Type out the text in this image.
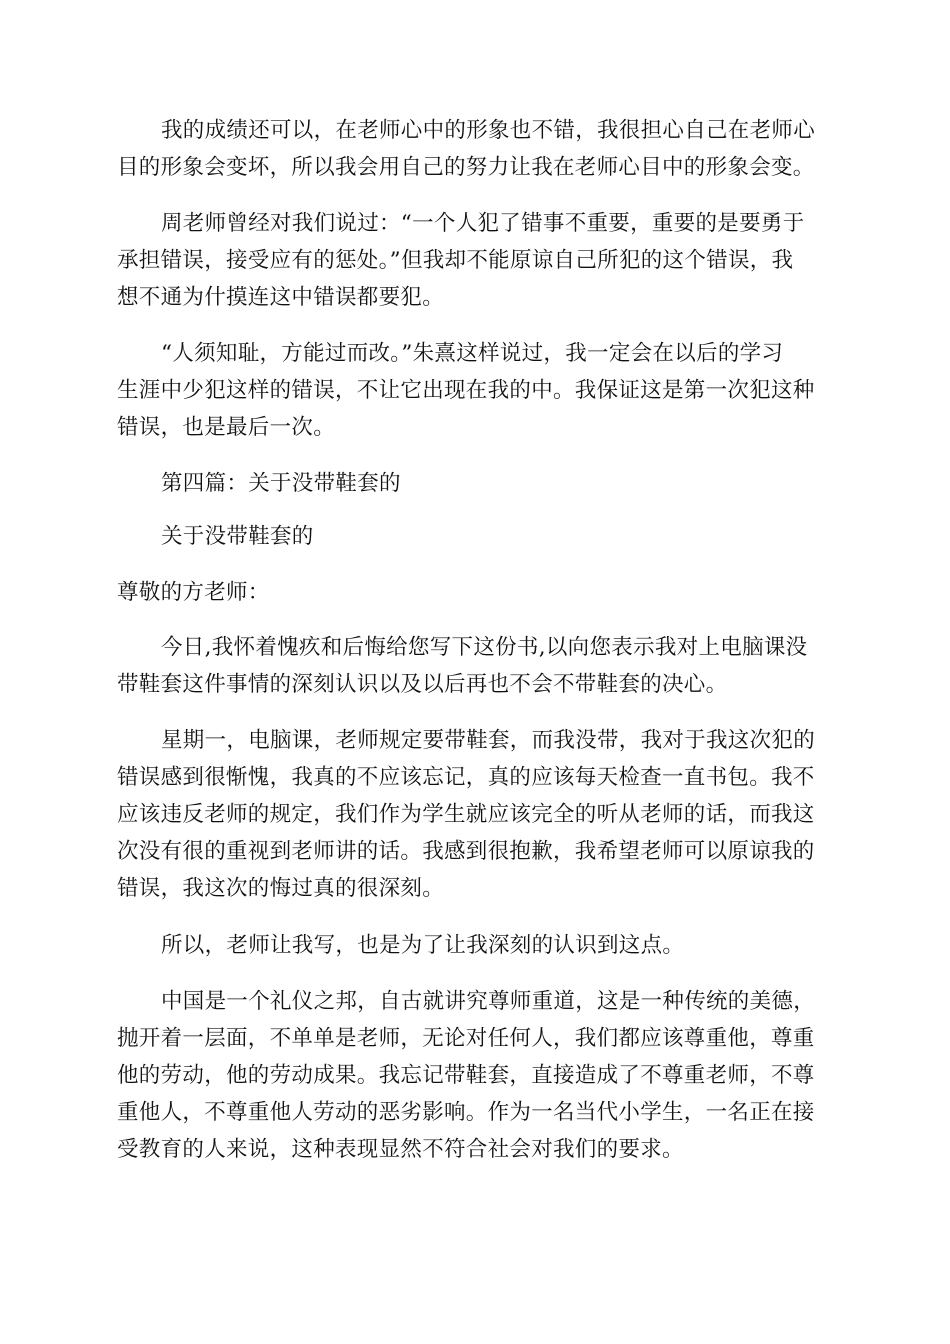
我的成绩还可以，在老师心中的形象也不错，我很担心自己在老师心
目的形象会变坏，所以我会用自己的努力让我在老师心目中的形象会变。
周老师曾经对我们说过：“一个人犯了错事不重要，重要的是要勇于
承担错误，接受应有的惩处。”但我却不能原谅自己所犯的这个错误，我
想不通为什摸连这中错误都要犯。
“人须知耻，方能过而改。”朱熹这样说过，我一定会在以后的学习
生涯中少犯这样的错误，不让它出现在我的中。我保证这是第一次犯这种
错误，也是最后一次。
第四篇：关于没带鞋套的
关于没带鞋套的
尊敬的方老师：
今日,我怀着愧疚和后悔给您写下这份书,以向您表示我对上电脑课没
带鞋套这件事情的深刻认识以及以后再也不会不带鞋套的决心。
星期一，电脑课，老师规定要带鞋套，而我没带，我对于我这次犯的
错误感到很惭愧，我真的不应该忘记，真的应该每天检查一直书包。我不
应该违反老师的规定，我们作为学生就应该完全的听从老师的话，而我这
次没有很的重视到老师讲的话。我感到很抱歉，我希望老师可以原谅我的
错误，我这次的悔过真的很深刻。
所以，老师让我写，也是为了让我深刻的认识到这点。
中国是一个礼仪之邦，自古就讲究尊师重道，这是一种传统的美德，
抛开着一层面，不单单是老师，无论对任何人，我们都应该尊重他，尊重
他的劳动，他的劳动成果。我忘记带鞋套，直接造成了不尊重老师，不尊
重他人，不尊重他人劳动的恶劣影响。作为一名当代小学生，一名正在接
受教育的人来说，这种表现显然不符合社会对我们的要求。
